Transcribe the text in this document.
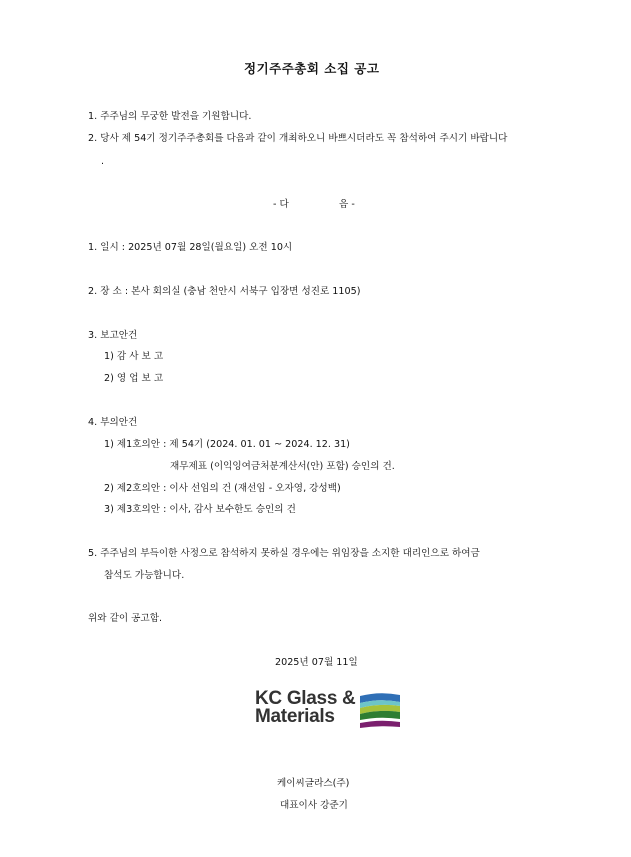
정기주주총회 소집 공고
1. 주주님의 무궁한 발전을 기원합니다.
2. 당사 제 54기 정기주주총회를 다음과 같이 개최하오니 바쁘시더라도 꼭 참석하여 주시기 바랍니다
.
- 다	음 -
1. 일시 : 2025년 07월 28일(월요일) 오전 10시
2. 장 소 : 본사 회의실 (충남 천안시 서북구 입장면 성진로 1105)
3. 보고안건
1) 감 사 보 고
2) 영 업 보 고
4. 부의안건
1) 제1호의안 : 제 54기 (2024. 01. 01 ~ 2024. 12. 31)
재무제표 (이익잉여금처분계산서(안) 포함) 승인의 건.
2) 제2호의안 : 이사 선임의 건 (재선임 - 오자영, 강성백)
3) 제3호의안 : 이사, 감사 보수한도 승인의 건
5. 주주님의 부득이한 사정으로 참석하지 못하실 경우에는 위임장을 소지한 대리인으로 하여금
참석도 가능합니다.
위와 같이 공고함.
2025년 07월 11일
KC Glass &
Materials
케이씨글라스(주)
대표이사 강준기
